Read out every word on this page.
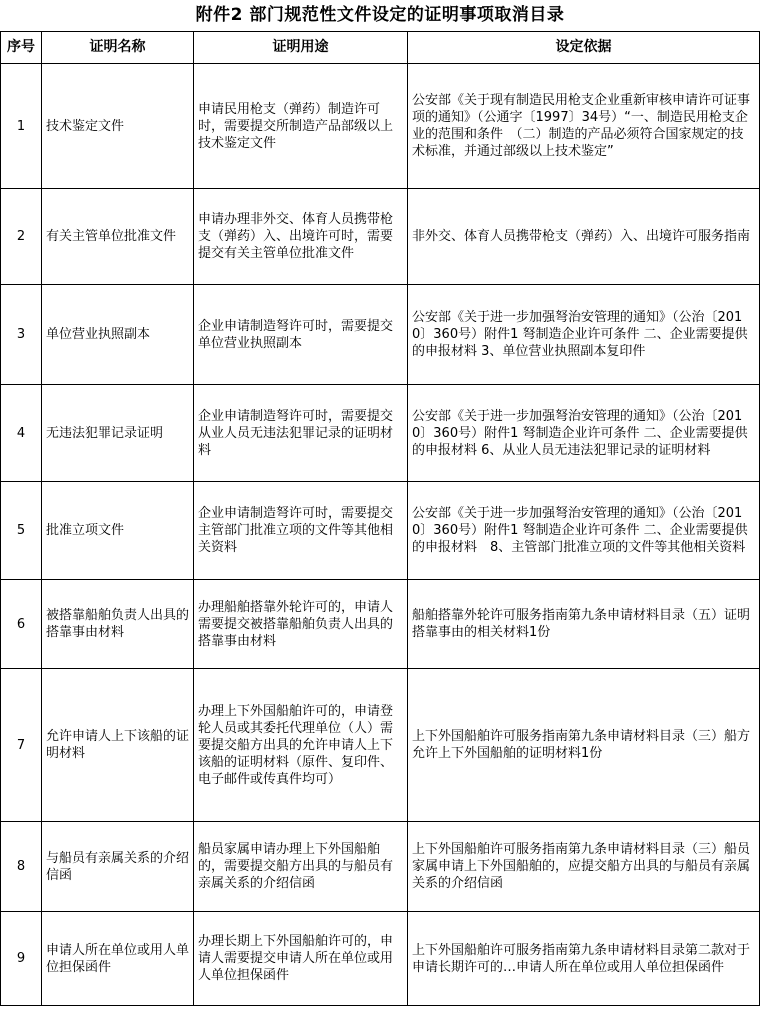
附件2 部门规范性文件设定的证明事项取消目录
序号	证明名称	证明用途	设定依据
1	技术鉴定文件	申请民用枪支（弹药）制造许可时，需要提交所制造产品部级以上技术鉴定文件	公安部《关于现有制造民用枪支企业重新审核申请许可证事项的通知》（公通字〔1997〕34号）“一、制造民用枪支企业的范围和条件　（二）制造的产品必须符合国家规定的技术标准，并通过部级以上技术鉴定”
2	有关主管单位批准文件	申请办理非外交、体育人员携带枪支（弹药）入、出境许可时，需要提交有关主管单位批准文件	非外交、体育人员携带枪支（弹药）入、出境许可服务指南
3	单位营业执照副本	企业申请制造弩许可时，需要提交单位营业执照副本	公安部《关于进一步加强弩治安管理的通知》（公治〔2010〕360号）附件1 弩制造企业许可条件 二、企业需要提供的申报材料 3、单位营业执照副本复印件
4	无违法犯罪记录证明	企业申请制造弩许可时，需要提交从业人员无违法犯罪记录的证明材料	公安部《关于进一步加强弩治安管理的通知》（公治〔2010〕360号）附件1 弩制造企业许可条件 二、企业需要提供的申报材料 6、从业人员无违法犯罪记录的证明材料
5	批准立项文件	企业申请制造弩许可时，需要提交主管部门批准立项的文件等其他相关资料	公安部《关于进一步加强弩治安管理的通知》（公治〔2010〕360号）附件1 弩制造企业许可条件 二、企业需要提供的申报材料　8、主管部门批准立项的文件等其他相关资料
6	被搭靠船舶负责人出具的搭靠事由材料	办理船舶搭靠外轮许可的，申请人需要提交被搭靠船舶负责人出具的搭靠事由材料	船舶搭靠外轮许可服务指南第九条申请材料目录（五）证明搭靠事由的相关材料1份
7	允许申请人上下该船的证明材料	办理上下外国船舶许可的，申请登轮人员或其委托代理单位（人）需要提交船方出具的允许申请人上下该船的证明材料（原件、复印件、电子邮件或传真件均可）	上下外国船舶许可服务指南第九条申请材料目录（三）船方允许上下外国船舶的证明材料1份
8	与船员有亲属关系的介绍信函	船员家属申请办理上下外国船舶的，需要提交船方出具的与船员有亲属关系的介绍信函	上下外国船舶许可服务指南第九条申请材料目录（三）船员家属申请上下外国船舶的，应提交船方出具的与船员有亲属关系的介绍信函
9	申请人所在单位或用人单位担保函件	办理长期上下外国船舶许可的，申请人需要提交申请人所在单位或用人单位担保函件	上下外国船舶许可服务指南第九条申请材料目录第二款对于申请长期许可的…申请人所在单位或用人单位担保函件
